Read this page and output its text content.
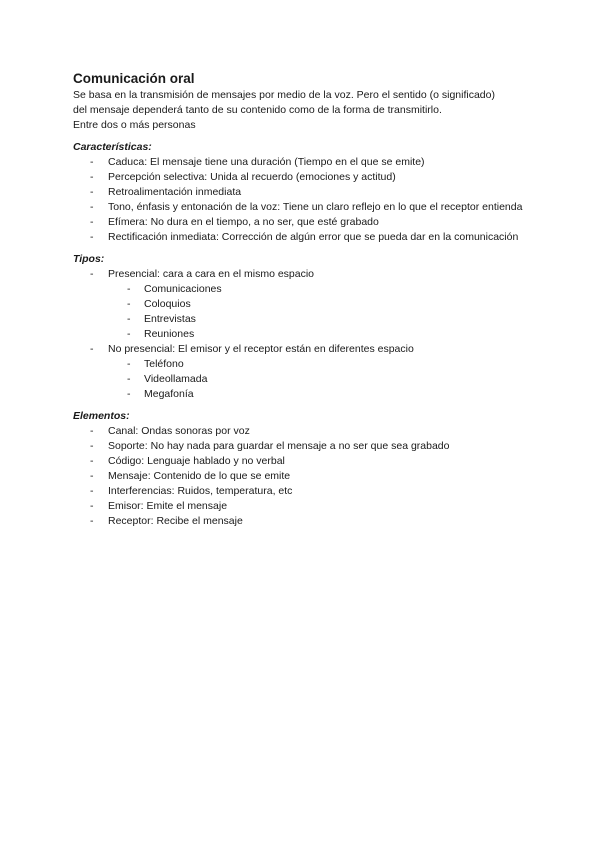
Comunicación oral

Se basa en la transmisión de mensajes por medio de la voz. Pero el sentido (o significado)

del mensaje dependerá tanto de su contenido como de la forma de transmitirlo.

Entre dos o más personas

Características:

- Caduca: El mensaje tiene una duración (Tiempo en el que se emite)
- Percepción selectiva: Unida al recuerdo (emociones y actitud)
- Retroalimentación inmediata
- Tono, énfasis y entonación de la voz: Tiene un claro reflejo en lo que el receptor entienda
- Efímera: No dura en el tiempo, a no ser, que esté grabado
- Rectificación inmediata: Corrección de algún error que se pueda dar en la comunicación

Tipos:

- Presencial: cara a cara en el mismo espacio
- Comunicaciones
- Coloquios
- Entrevistas
- Reuniones
- No presencial: El emisor y el receptor están en diferentes espacio
- Teléfono
- Videollamada
- Megafonía

Elementos:

- Canal: Ondas sonoras por voz
- Soporte: No hay nada para guardar el mensaje a no ser que sea grabado
- Código: Lenguaje hablado y no verbal
- Mensaje: Contenido de lo que se emite
- Interferencias: Ruidos, temperatura, etc
- Emisor: Emite el mensaje
- Receptor: Recibe el mensaje
